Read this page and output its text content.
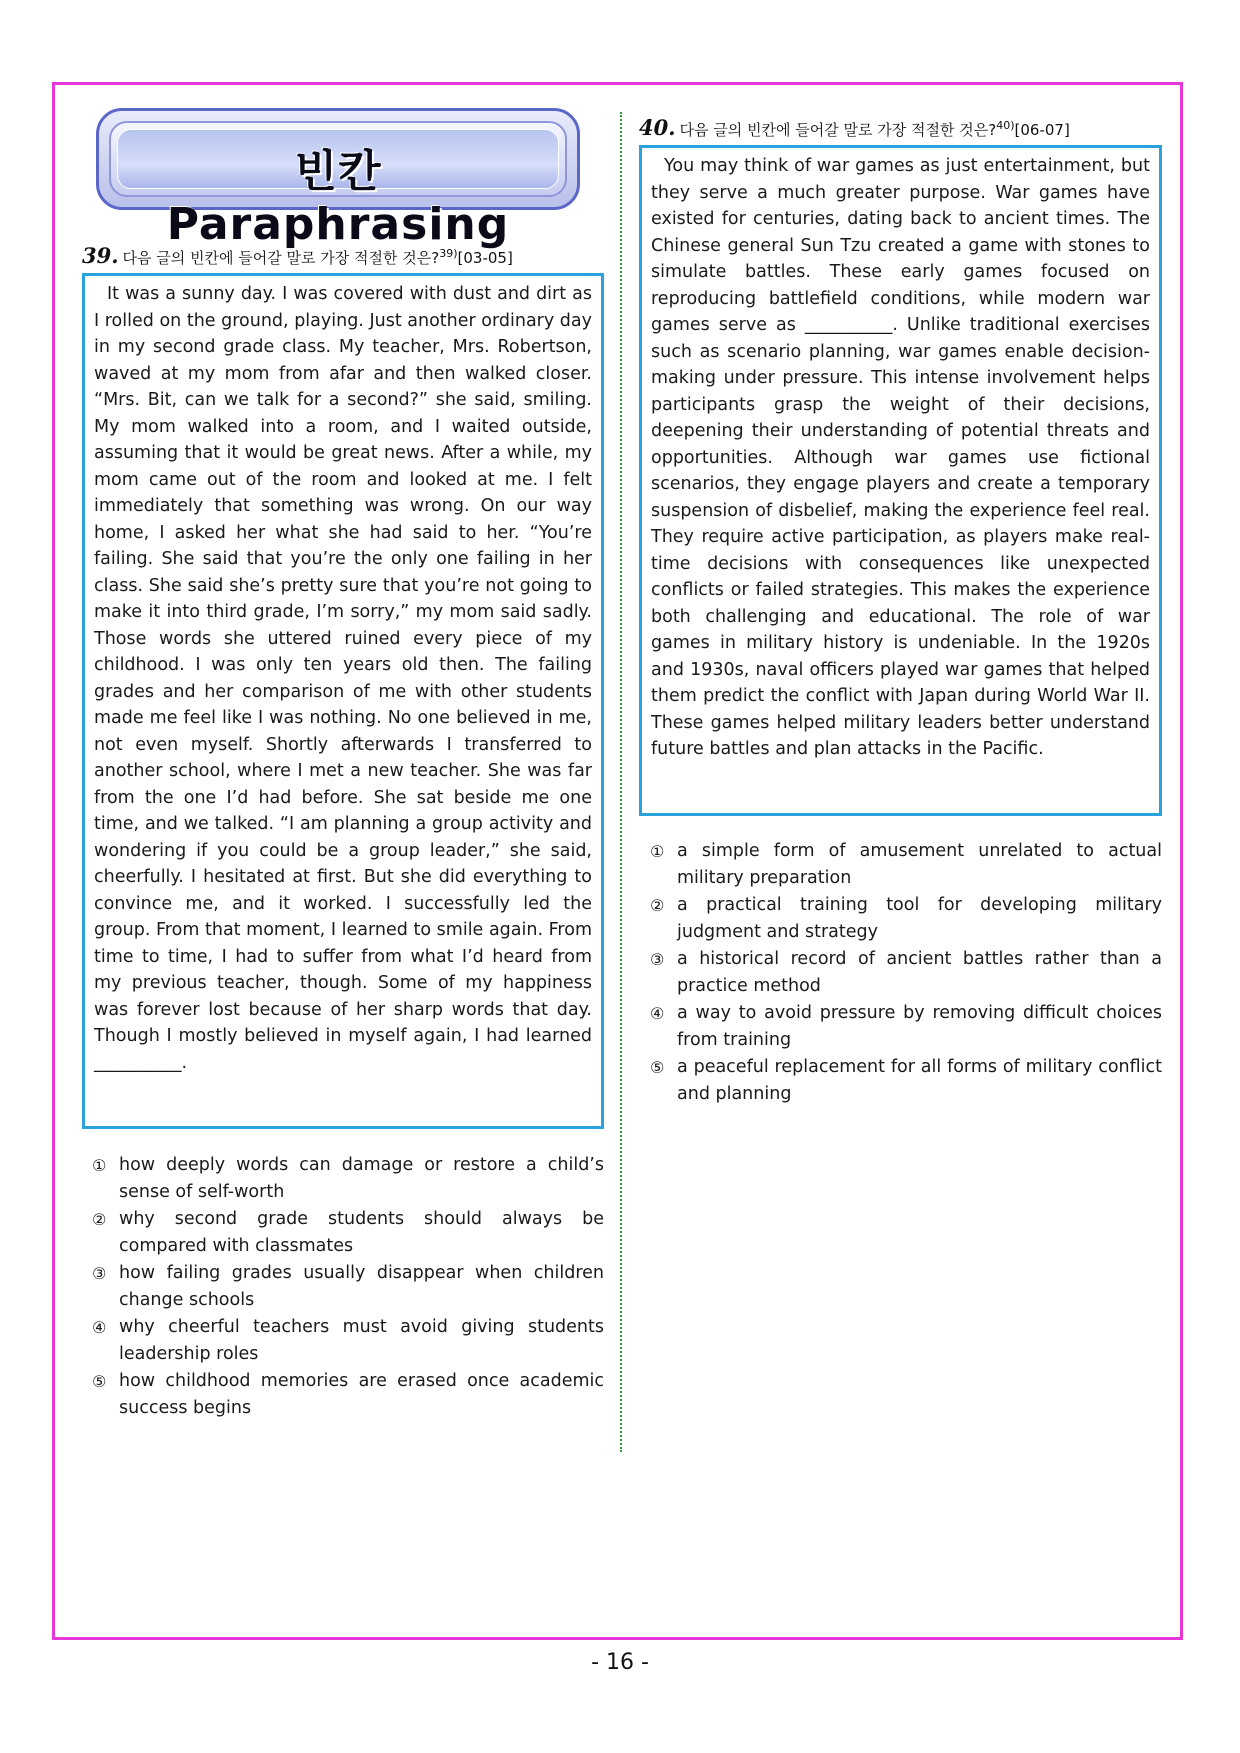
빈칸 Paraphrasing
39. 다음 글의 빈칸에 들어갈 말로 가장 적절한 것은?$^{39)}$[03-05]
It was a sunny day. I was covered with dust and dirt as I rolled on the ground, playing. Just another ordinary day in my second grade class. My teacher, Mrs. Robertson, waved at my mom from afar and then walked closer. “Mrs. Bit, can we talk for a second?” she said, smiling. My mom walked into a room, and I waited outside, assuming that it would be great news. After a while, my mom came out of the room and looked at me. I felt immediately that something was wrong. On our way home, I asked her what she had said to her. “You’re failing. She said that you’re the only one failing in her class. She said she’s pretty sure that you’re not going to make it into third grade, I’m sorry,” my mom said sadly. Those words she uttered ruined every piece of my childhood. I was only ten years old then. The failing grades and her comparison of me with other students made me feel like I was nothing. No one believed in me, not even myself. Shortly afterwards I transferred to another school, where I met a new teacher. She was far from the one I’d had before. She sat beside me one time, and we talked. “I am planning a group activity and wondering if you could be a group leader,” she said, cheerfully. I hesitated at first. But she did everything to convince me, and it worked. I successfully led the group. From that moment, I learned to smile again. From time to time, I had to suffer from what I’d heard from my previous teacher, though. Some of my happiness was forever lost because of her sharp words that day. Though I mostly believed in myself again, I had learned __________.
① how deeply words can damage or restore a child’s sense of self-worth
② why second grade students should always be compared with classmates
③ how failing grades usually disappear when children change schools
④ why cheerful teachers must avoid giving students leadership roles
⑤ how childhood memories are erased once academic success begins
40. 다음 글의 빈칸에 들어갈 말로 가장 적절한 것은?$^{40)}$[06-07]
You may think of war games as just entertainment, but they serve a much greater purpose. War games have existed for centuries, dating back to ancient times. The Chinese general Sun Tzu created a game with stones to simulate battles. These early games focused on reproducing battlefield conditions, while modern war games serve as __________. Unlike traditional exercises such as scenario planning, war games enable decision-making under pressure. This intense involvement helps participants grasp the weight of their decisions, deepening their understanding of potential threats and opportunities. Although war games use fictional scenarios, they engage players and create a temporary suspension of disbelief, making the experience feel real. They require active participation, as players make real-time decisions with consequences like unexpected conflicts or failed strategies. This makes the experience both challenging and educational. The role of war games in military history is undeniable. In the 1920s and 1930s, naval officers played war games that helped them predict the conflict with Japan during World War II. These games helped military leaders better understand future battles and plan attacks in the Pacific.
① a simple form of amusement unrelated to actual military preparation
② a practical training tool for developing military judgment and strategy
③ a historical record of ancient battles rather than a practice method
④ a way to avoid pressure by removing difficult choices from training
⑤ a peaceful replacement for all forms of military conflict and planning
- 16 -
